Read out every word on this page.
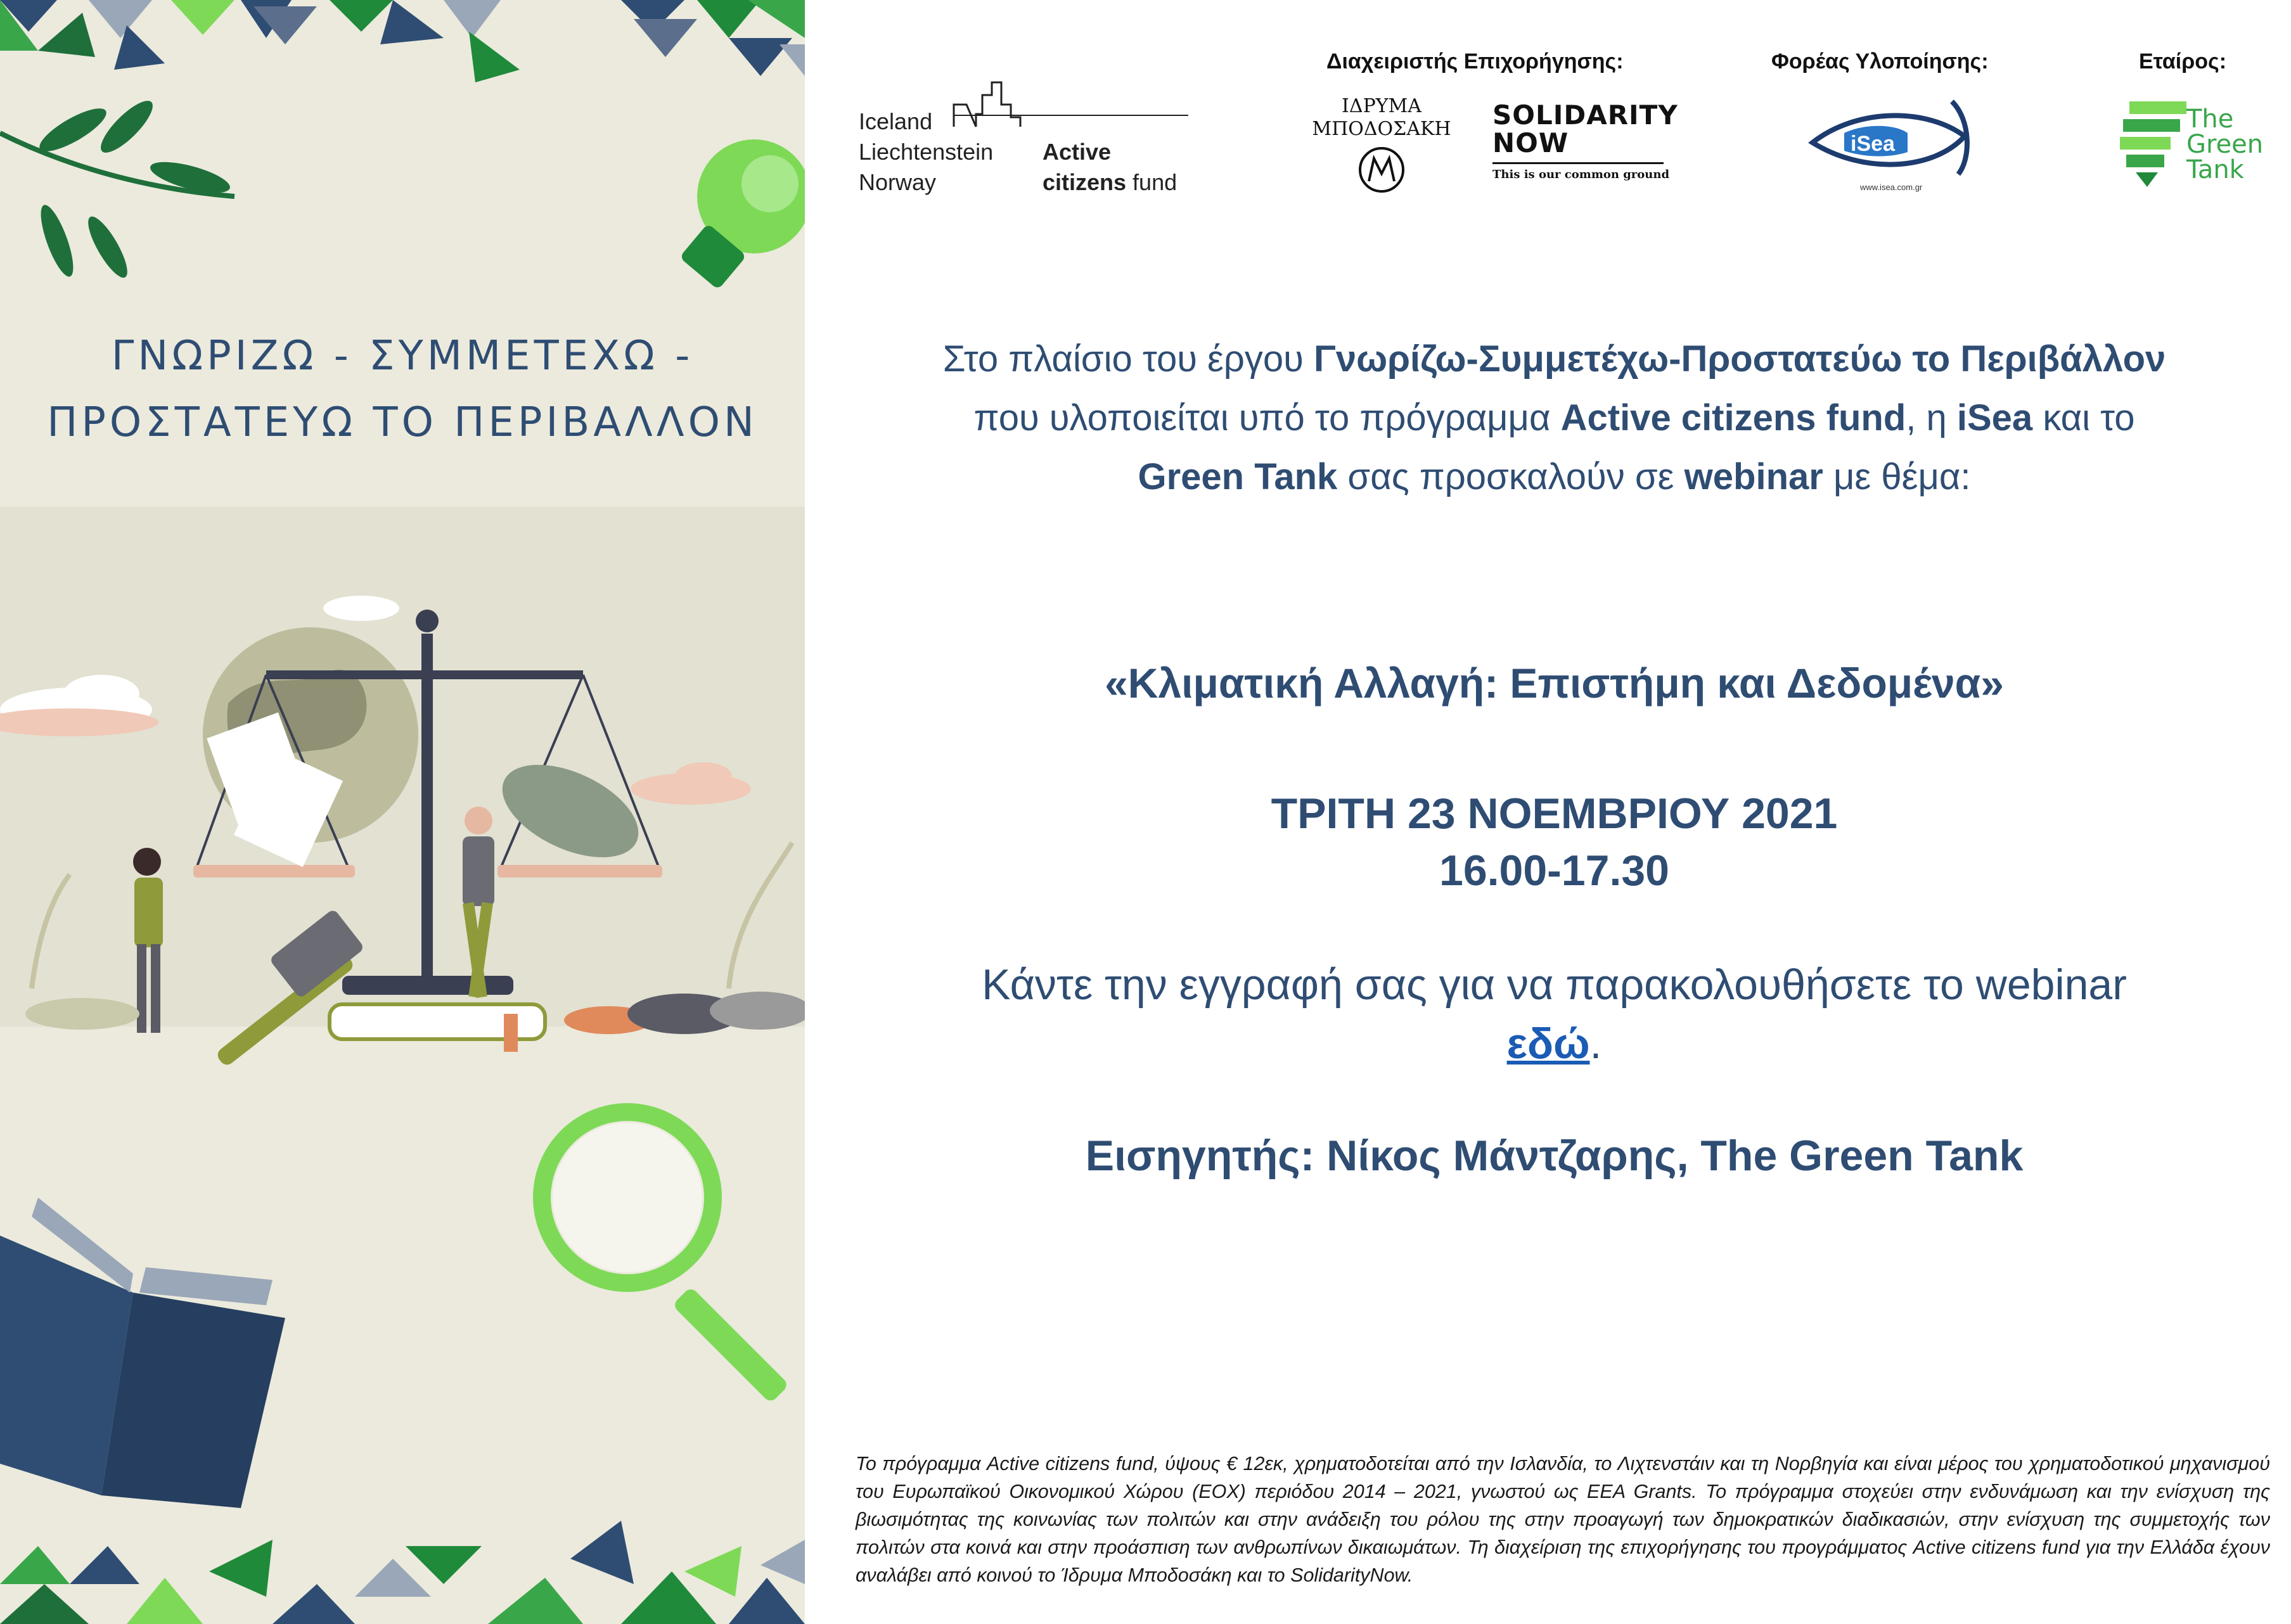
ΓΝΩΡΙΖΩ - ΣΥΜΜΕΤΕΧΩ -
ΠΡΟΣΤΑΤΕΥΩ ΤΟ ΠΕΡΙΒΑΛΛΟΝ
Iceland
Liechtenstein
Norway
Active
citizens fund
Διαχειριστής Επιχορήγησης:
ΙΔΡΥΜΑ
ΜΠΟΔΟΣΑΚΗ SOLIDARITY
NOW
This is our common ground
Φορέας Υλοποίησης:
iSea
www.isea.com.gr
Εταίρος:
The
Green
Tank
Στο πλαίσιο του έργου Γνωρίζω-Συμμετέχω-Προστατεύω το Περιβάλλον
που υλοποιείται υπό το πρόγραμμα Active citizens fund, η iSea και το
Green Tank σας προσκαλούν σε webinar με θέμα:
«Κλιματική Αλλαγή: Επιστήμη και Δεδομένα»
ΤΡΙΤΗ 23 ΝΟΕΜΒΡΙΟΥ 2021
16.00-17.30
Κάντε την εγγραφή σας για να παρακολουθήσετε το webinar
εδώ.
Εισηγητής: Νίκος Μάντζαρης, The Green Tank
Το πρόγραμμα Active citizens fund, ύψους € 12εκ, χρηματοδοτείται από την Ισλανδία, το Λιχτενστάιν και τη Νορβηγία και είναι μέρος του χρηματοδοτικού μηχανισμού του Ευρωπαϊκού Οικονομικού Χώρου (ΕΟΧ) περιόδου 2014 – 2021, γνωστού ως EEA Grants. Το πρόγραμμα στοχεύει στην ενδυνάμωση και την ενίσχυση της βιωσιμότητας της κοινωνίας των πολιτών και στην ανάδειξη του ρόλου της στην προαγωγή των δημοκρατικών διαδικασιών, στην ενίσχυση της συμμετοχής των πολιτών στα κοινά και στην προάσπιση των ανθρωπίνων δικαιωμάτων. Τη διαχείριση της επιχορήγησης του προγράμματος Active citizens fund για την Ελλάδα έχουν αναλάβει από κοινού το Ίδρυμα Μποδοσάκη και το SolidarityNow.
